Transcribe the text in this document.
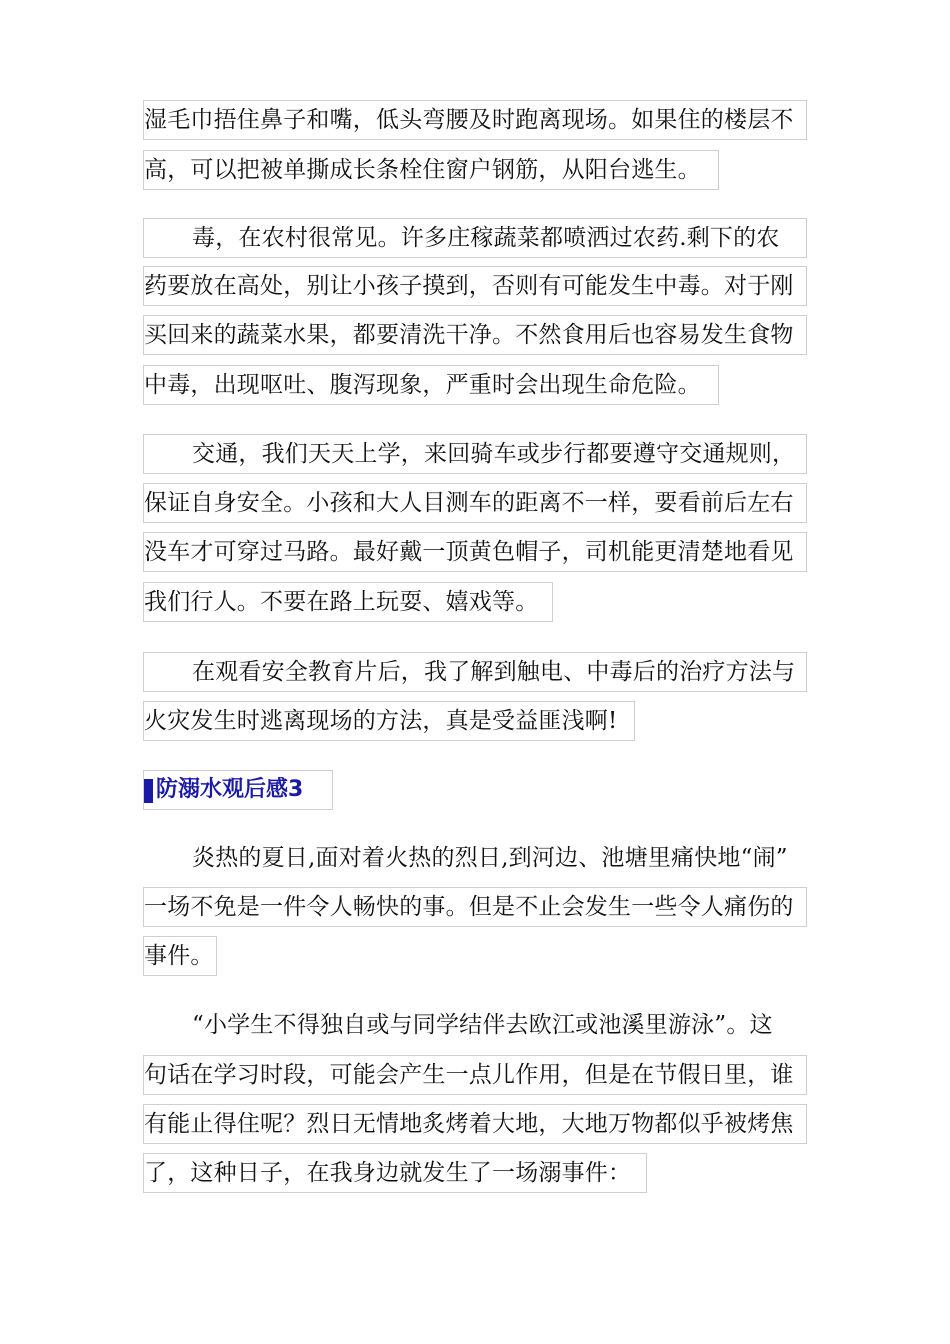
湿毛巾捂住鼻子和嘴，低头弯腰及时跑离现场。如果住的楼层不
高，可以把被单撕成长条栓住窗户钢筋，从阳台逃生。
毒，在农村很常见。许多庄稼蔬菜都喷洒过农药.剩下的农
药要放在高处，别让小孩子摸到，否则有可能发生中毒。对于刚
买回来的蔬菜水果，都要清洗干净。不然食用后也容易发生食物
中毒，出现呕吐、腹泻现象，严重时会出现生命危险。
交通，我们天天上学，来回骑车或步行都要遵守交通规则，
保证自身安全。小孩和大人目测车的距离不一样，要看前后左右
没车才可穿过马路。最好戴一顶黄色帽子，司机能更清楚地看见
我们行人。不要在路上玩耍、嬉戏等。
在观看安全教育片后，我了解到触电、中毒后的治疗方法与
火灾发生时逃离现场的方法，真是受益匪浅啊!
防溺水观后感3
炎热的夏日,面对着火热的烈日,到河边、池塘里痛快地“闹”
一场不免是一件令人畅快的事。但是不止会发生一些令人痛伤的
事件。
“小学生不得独自或与同学结伴去欧江或池溪里游泳”。这
句话在学习时段，可能会产生一点儿作用，但是在节假日里，谁
有能止得住呢？烈日无情地炙烤着大地，大地万物都似乎被烤焦
了，这种日子，在我身边就发生了一场溺事件：
